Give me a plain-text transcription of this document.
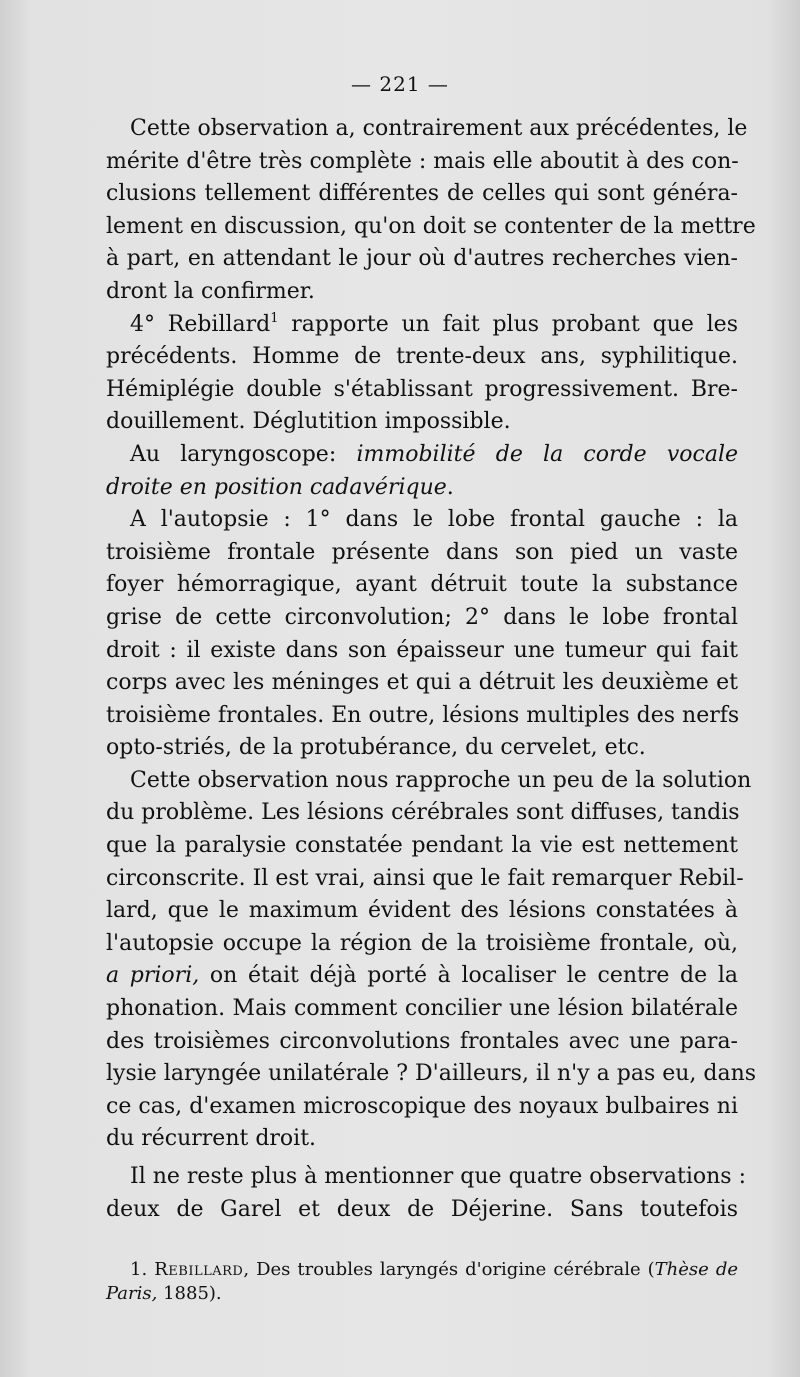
— 221 —

Cette observation a, contrairement aux précédentes, le
mérite d'être très complète : mais elle aboutit à des con-
clusions tellement différentes de celles qui sont généra-
lement en discussion, qu'on doit se contenter de la mettre
à part, en attendant le jour où d'autres recherches vien-
dront la confirmer.

4° Rebillard$^1$ rapporte un fait plus probant que les
précédents. Homme de trente-deux ans, syphilitique.
Hémiplégie double s'établissant progressivement. Bre-
douillement. Déglutition impossible.

Au laryngoscope: immobilité de la corde vocale
droite en position cadavérique.

A l'autopsie : 1° dans le lobe frontal gauche : la
troisième frontale présente dans son pied un vaste
foyer hémorragique, ayant détruit toute la substance
grise de cette circonvolution; 2° dans le lobe frontal
droit : il existe dans son épaisseur une tumeur qui fait
corps avec les méninges et qui a détruit les deuxième et
troisième frontales. En outre, lésions multiples des nerfs
opto-striés, de la protubérance, du cervelet, etc.

Cette observation nous rapproche un peu de la solution
du problème. Les lésions cérébrales sont diffuses, tandis
que la paralysie constatée pendant la vie est nettement
circonscrite. Il est vrai, ainsi que le fait remarquer Rebil-
lard, que le maximum évident des lésions constatées à
l'autopsie occupe la région de la troisième frontale, où,
a priori, on était déjà porté à localiser le centre de la
phonation. Mais comment concilier une lésion bilatérale
des troisièmes circonvolutions frontales avec une para-
lysie laryngée unilatérale ? D'ailleurs, il n'y a pas eu, dans
ce cas, d'examen microscopique des noyaux bulbaires ni
du récurrent droit.

Il ne reste plus à mentionner que quatre observations :
deux de Garel et deux de Déjerine. Sans toutefois

1. Rebillard, Des troubles laryngés d'origine cérébrale (Thèse de
Paris, 1885).
